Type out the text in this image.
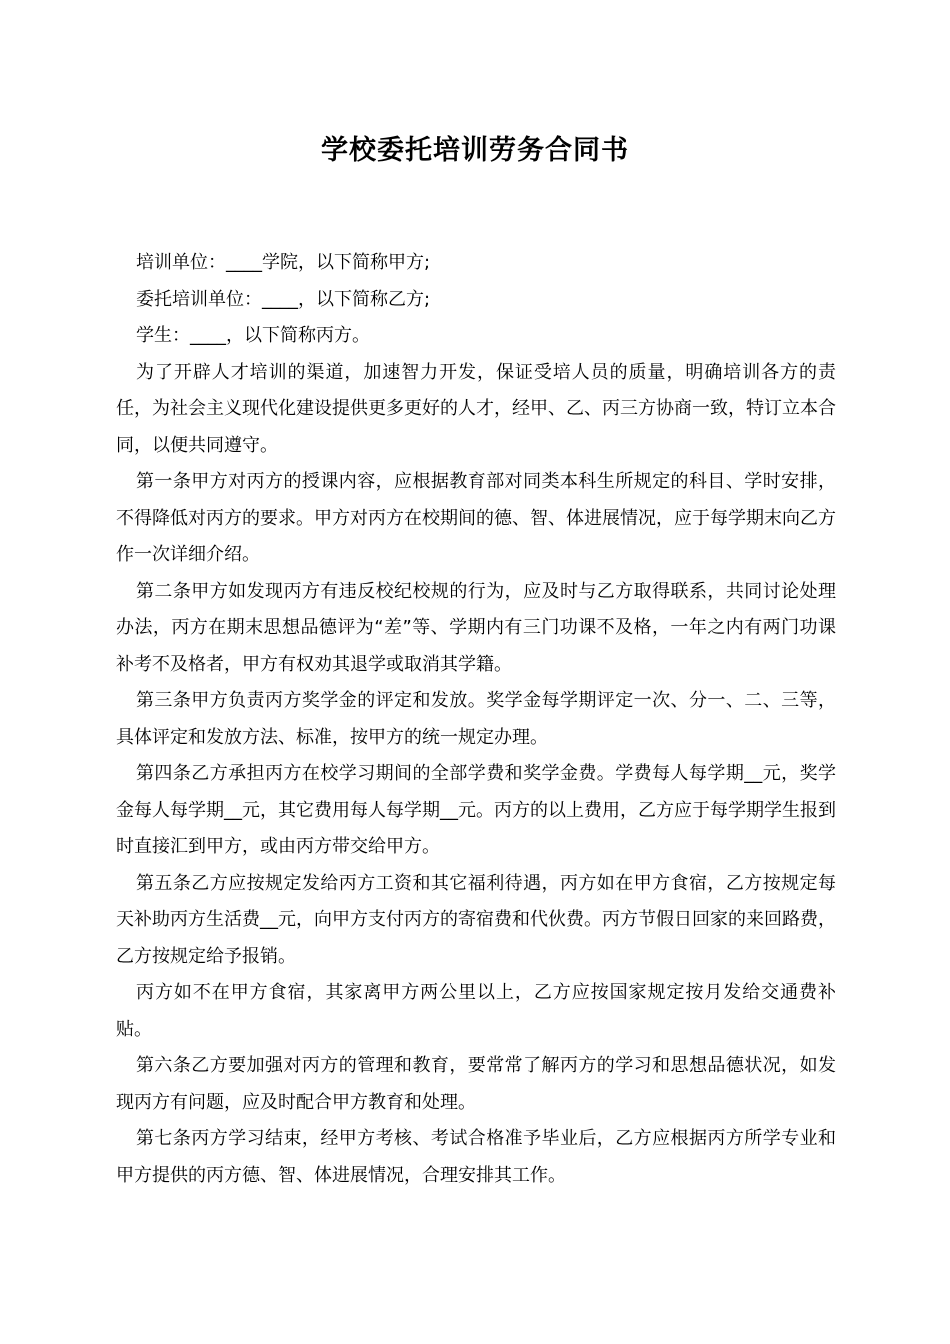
学校委托培训劳务合同书

培训单位：____学院，以下简称甲方;

委托培训单位：____，以下简称乙方;

学生：____，以下简称丙方。

为了开辟人才培训的渠道，加速智力开发，保证受培人员的质量，明确培训各方的责任，为社会主义现代化建设提供更多更好的人才，经甲、乙、丙三方协商一致，特订立本合同，以便共同遵守。

第一条甲方对丙方的授课内容，应根据教育部对同类本科生所规定的科目、学时安排，不得降低对丙方的要求。甲方对丙方在校期间的德、智、体进展情况，应于每学期末向乙方作一次详细介绍。

第二条甲方如发现丙方有违反校纪校规的行为，应及时与乙方取得联系，共同讨论处理办法，丙方在期末思想品德评为“差”等、学期内有三门功课不及格，一年之内有两门功课补考不及格者，甲方有权劝其退学或取消其学籍。

第三条甲方负责丙方奖学金的评定和发放。奖学金每学期评定一次、分一、二、三等，具体评定和发放方法、标准，按甲方的统一规定办理。

第四条乙方承担丙方在校学习期间的全部学费和奖学金费。学费每人每学期__元，奖学金每人每学期__元，其它费用每人每学期__元。丙方的以上费用，乙方应于每学期学生报到时直接汇到甲方，或由丙方带交给甲方。

第五条乙方应按规定发给丙方工资和其它福利待遇，丙方如在甲方食宿，乙方按规定每天补助丙方生活费__元，向甲方支付丙方的寄宿费和代伙费。丙方节假日回家的来回路费，乙方按规定给予报销。

丙方如不在甲方食宿，其家离甲方两公里以上，乙方应按国家规定按月发给交通费补贴。

第六条乙方要加强对丙方的管理和教育，要常常了解丙方的学习和思想品德状况，如发现丙方有问题，应及时配合甲方教育和处理。

第七条丙方学习结束，经甲方考核、考试合格准予毕业后，乙方应根据丙方所学专业和甲方提供的丙方德、智、体进展情况，合理安排其工作。
